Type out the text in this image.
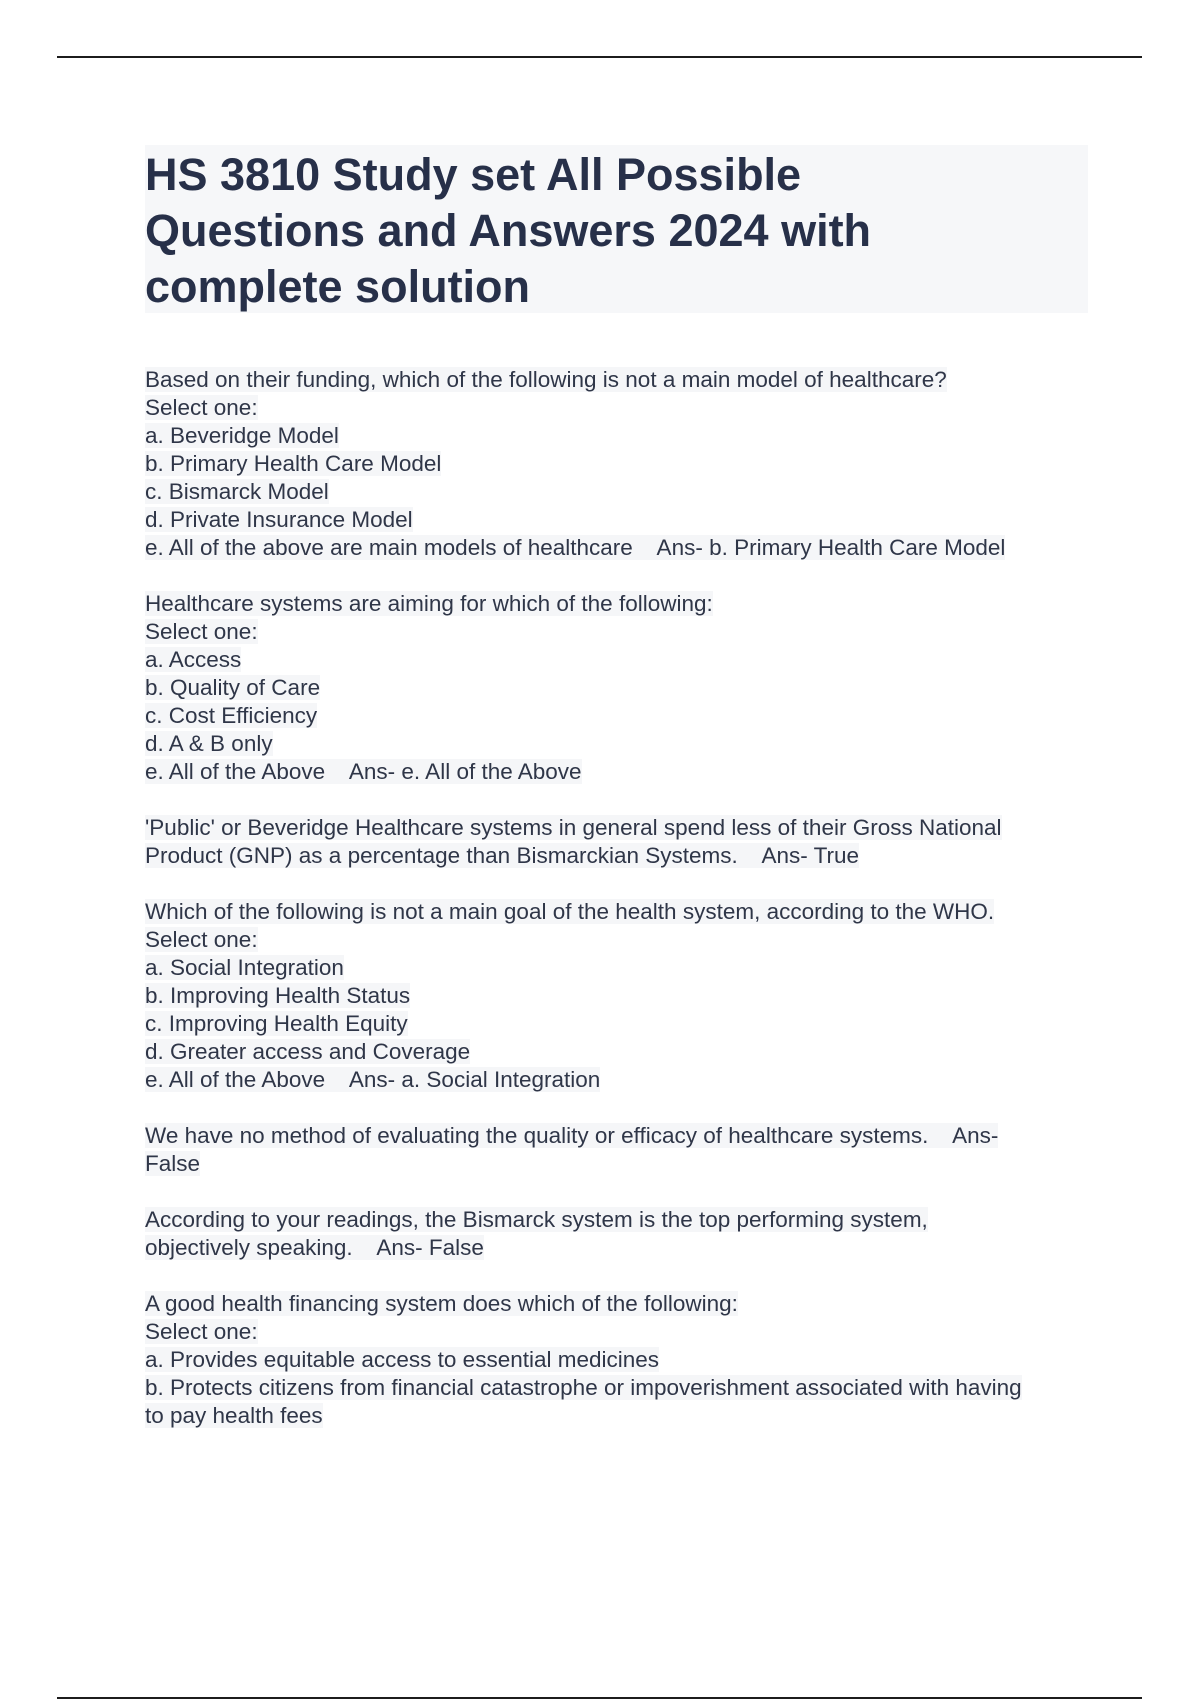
HS 3810 Study set All Possible
Questions and Answers 2024 with
complete solution
Based on their funding, which of the following is not a main model of healthcare?
Select one:
a. Beveridge Model
b. Primary Health Care Model
c. Bismarck Model
d. Private Insurance Model
e. All of the above are main models of healthcare    Ans- b. Primary Health Care Model
Healthcare systems are aiming for which of the following:
Select one:
a. Access
b. Quality of Care
c. Cost Efficiency
d. A & B only
e. All of the Above    Ans- e. All of the Above
'Public' or Beveridge Healthcare systems in general spend less of their Gross National
Product (GNP) as a percentage than Bismarckian Systems.    Ans- True
Which of the following is not a main goal of the health system, according to the WHO.
Select one:
a. Social Integration
b. Improving Health Status
c. Improving Health Equity
d. Greater access and Coverage
e. All of the Above    Ans- a. Social Integration
We have no method of evaluating the quality or efficacy of healthcare systems.    Ans-
False
According to your readings, the Bismarck system is the top performing system,
objectively speaking.    Ans- False
A good health financing system does which of the following:
Select one:
a. Provides equitable access to essential medicines
b. Protects citizens from financial catastrophe or impoverishment associated with having
to pay health fees
